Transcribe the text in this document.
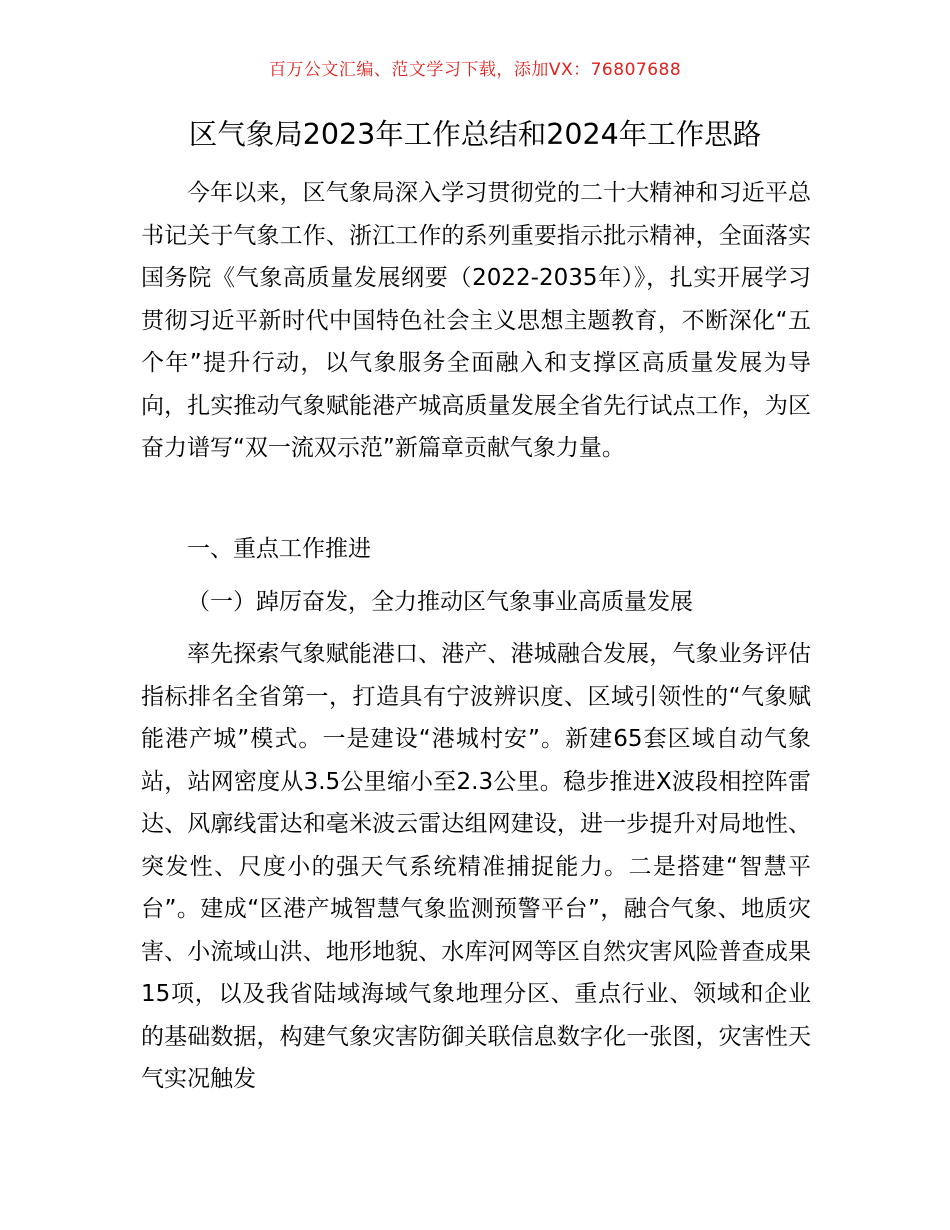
百万公文汇编、范文学习下载，添加VX：76807688
区气象局2023年工作总结和2024年工作思路

今年以来，区气象局深入学习贯彻党的二十大精神和习近平总书记关于气象工作、浙江工作的系列重要指示批示精神，全面落实国务院《气象高质量发展纲要（2022-2035年）》，扎实开展学习贯彻习近平新时代中国特色社会主义思想主题教育，不断深化“五个年”提升行动，以气象服务全面融入和支撑区高质量发展为导向，扎实推动气象赋能港产城高质量发展全省先行试点工作，为区奋力谱写“双一流双示范”新篇章贡献气象力量。

一、重点工作推进

（一）踔厉奋发，全力推动区气象事业高质量发展

率先探索气象赋能港口、港产、港城融合发展，气象业务评估指标排名全省第一，打造具有宁波辨识度、区域引领性的“气象赋能港产城”模式。一是建设“港城村安”。新建65套区域自动气象站，站网密度从3.5公里缩小至2.3公里。稳步推进X波段相控阵雷达、风廓线雷达和毫米波云雷达组网建设，进一步提升对局地性、突发性、尺度小的强天气系统精准捕捉能力。二是搭建“智慧平台”。建成“区港产城智慧气象监测预警平台”，融合气象、地质灾害、小流域山洪、地形地貌、水库河网等区自然灾害风险普查成果15项，以及我省陆域海域气象地理分区、重点行业、领域和企业的基础数据，构建气象灾害防御关联信息数字化一张图，灾害性天气实况触发
